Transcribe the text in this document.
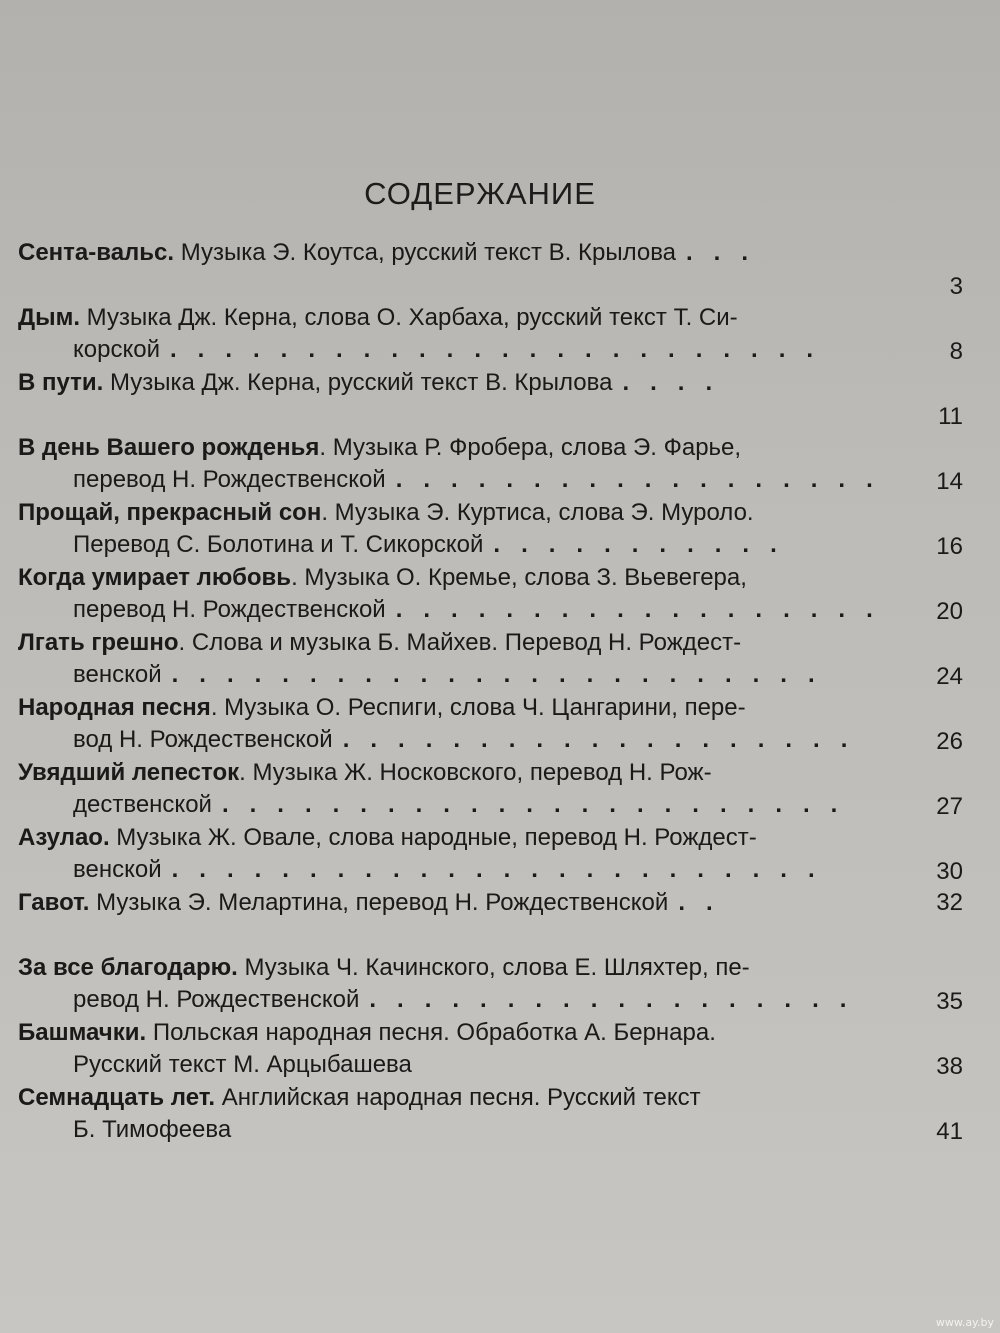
СОДЕРЖАНИЕ
Сента-вальс. Музыка Э. Коутса, русский текст В. Крылова ...
3
Дым. Музыка Дж. Керна, слова О. Харбаха, русский текст Т. Си-
корской ........................	8
В пути. Музыка Дж. Керна, русский текст В. Крылова ....
11
В день Вашего рожденья. Музыка Р. Фробера, слова Э. Фарье,
перевод Н. Рождественской ..................	14
Прощай, прекрасный сон. Музыка Э. Куртиса, слова Э. Муроло.
Перевод С. Болотина и Т. Сикорской ...........	16
Когда умирает любовь. Музыка О. Кремье, слова З. Вьевегера,
перевод Н. Рождественской ..................	20
Лгать грешно. Слова и музыка Б. Майхев. Перевод Н. Рождест-
венской ........................	24
Народная песня. Музыка О. Респиги, слова Ч. Цангарини, пере-
вод Н. Рождественской ...................	26
Увядший лепесток. Музыка Ж. Носковского, перевод Н. Рож-
дественской .......................	27
Азулао. Музыка Ж. Овале, слова народные, перевод Н. Рождест-
венской ........................	30
Гавот. Музыка Э. Мелартина, перевод Н. Рождественской ..	32
За все благодарю. Музыка Ч. Качинского, слова Е. Шляхтер, пе-
ревод Н. Рождественской ..................	35
Башмачки. Польская народная песня. Обработка А. Бернара.
Русский текст М. Арцыбашева	38
Семнадцать лет. Английская народная песня. Русский текст
Б. Тимофеева	41
www.ay.by
